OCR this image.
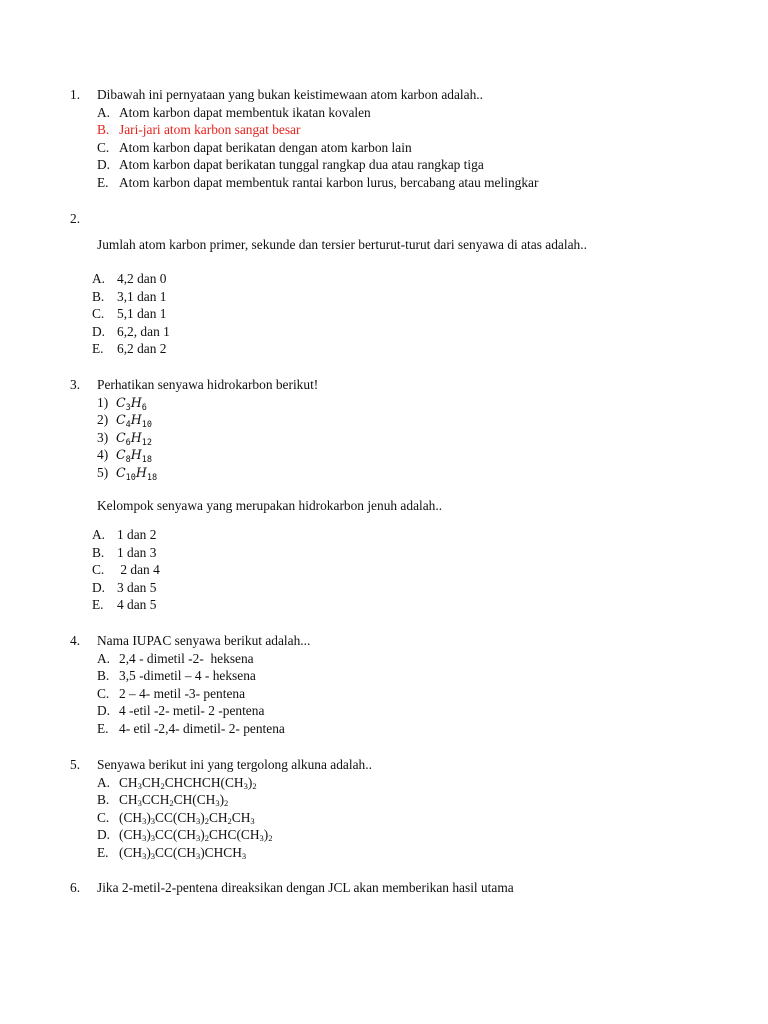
1. Dibawah ini pernyataan yang bukan keistimewaan atom karbon adalah..
A. Atom karbon dapat membentuk ikatan kovalen
B. Jari-jari atom karbon sangat besar
C. Atom karbon dapat berikatan dengan atom karbon lain
D. Atom karbon dapat berikatan tunggal rangkap dua atau rangkap tiga
E. Atom karbon dapat membentuk rantai karbon lurus, bercabang atau melingkar
2.
Jumlah atom karbon primer, sekunde dan tersier berturut-turut dari senyawa di atas adalah..
A. 4,2 dan 0
B. 3,1 dan 1
C. 5,1 dan 1
D. 6,2, dan 1
E. 6,2 dan 2
3. Perhatikan senyawa hidrokarbon berikut!
1) $C_3H_6$
2) $C_4H_{10}$
3) $C_6H_{12}$
4) $C_8H_{18}$
5) $C_{10}H_{18}$
Kelompok senyawa yang merupakan hidrokarbon jenuh adalah..
A. 1 dan 2
B. 1 dan 3
C. 2 dan 4
D. 3 dan 5
E. 4 dan 5
4. Nama IUPAC senyawa berikut adalah...
A. 2,4 - dimetil -2-  heksena
B. 3,5 -dimetil – 4 - heksena
C. 2 – 4- metil -3- pentena
D. 4 -etil -2- metil- 2 -pentena
E. 4- etil -2,4- dimetil- 2- pentena
5. Senyawa berikut ini yang tergolong alkuna adalah..
A. $CH_3CH_2CHCHCH(CH_3)_2$
B. $CH_3CCH_2CH(CH_3)_2$
C. $(CH_3)_3CC(CH_3)_2CH_2CH_3$
D. $(CH_3)_3CC(CH_3)_2CHC(CH_3)_2$
E. $(CH_3)_3CC(CH_3)CHCH_3$
6. Jika 2-metil-2-pentena direaksikan dengan JCL akan memberikan hasil utama
